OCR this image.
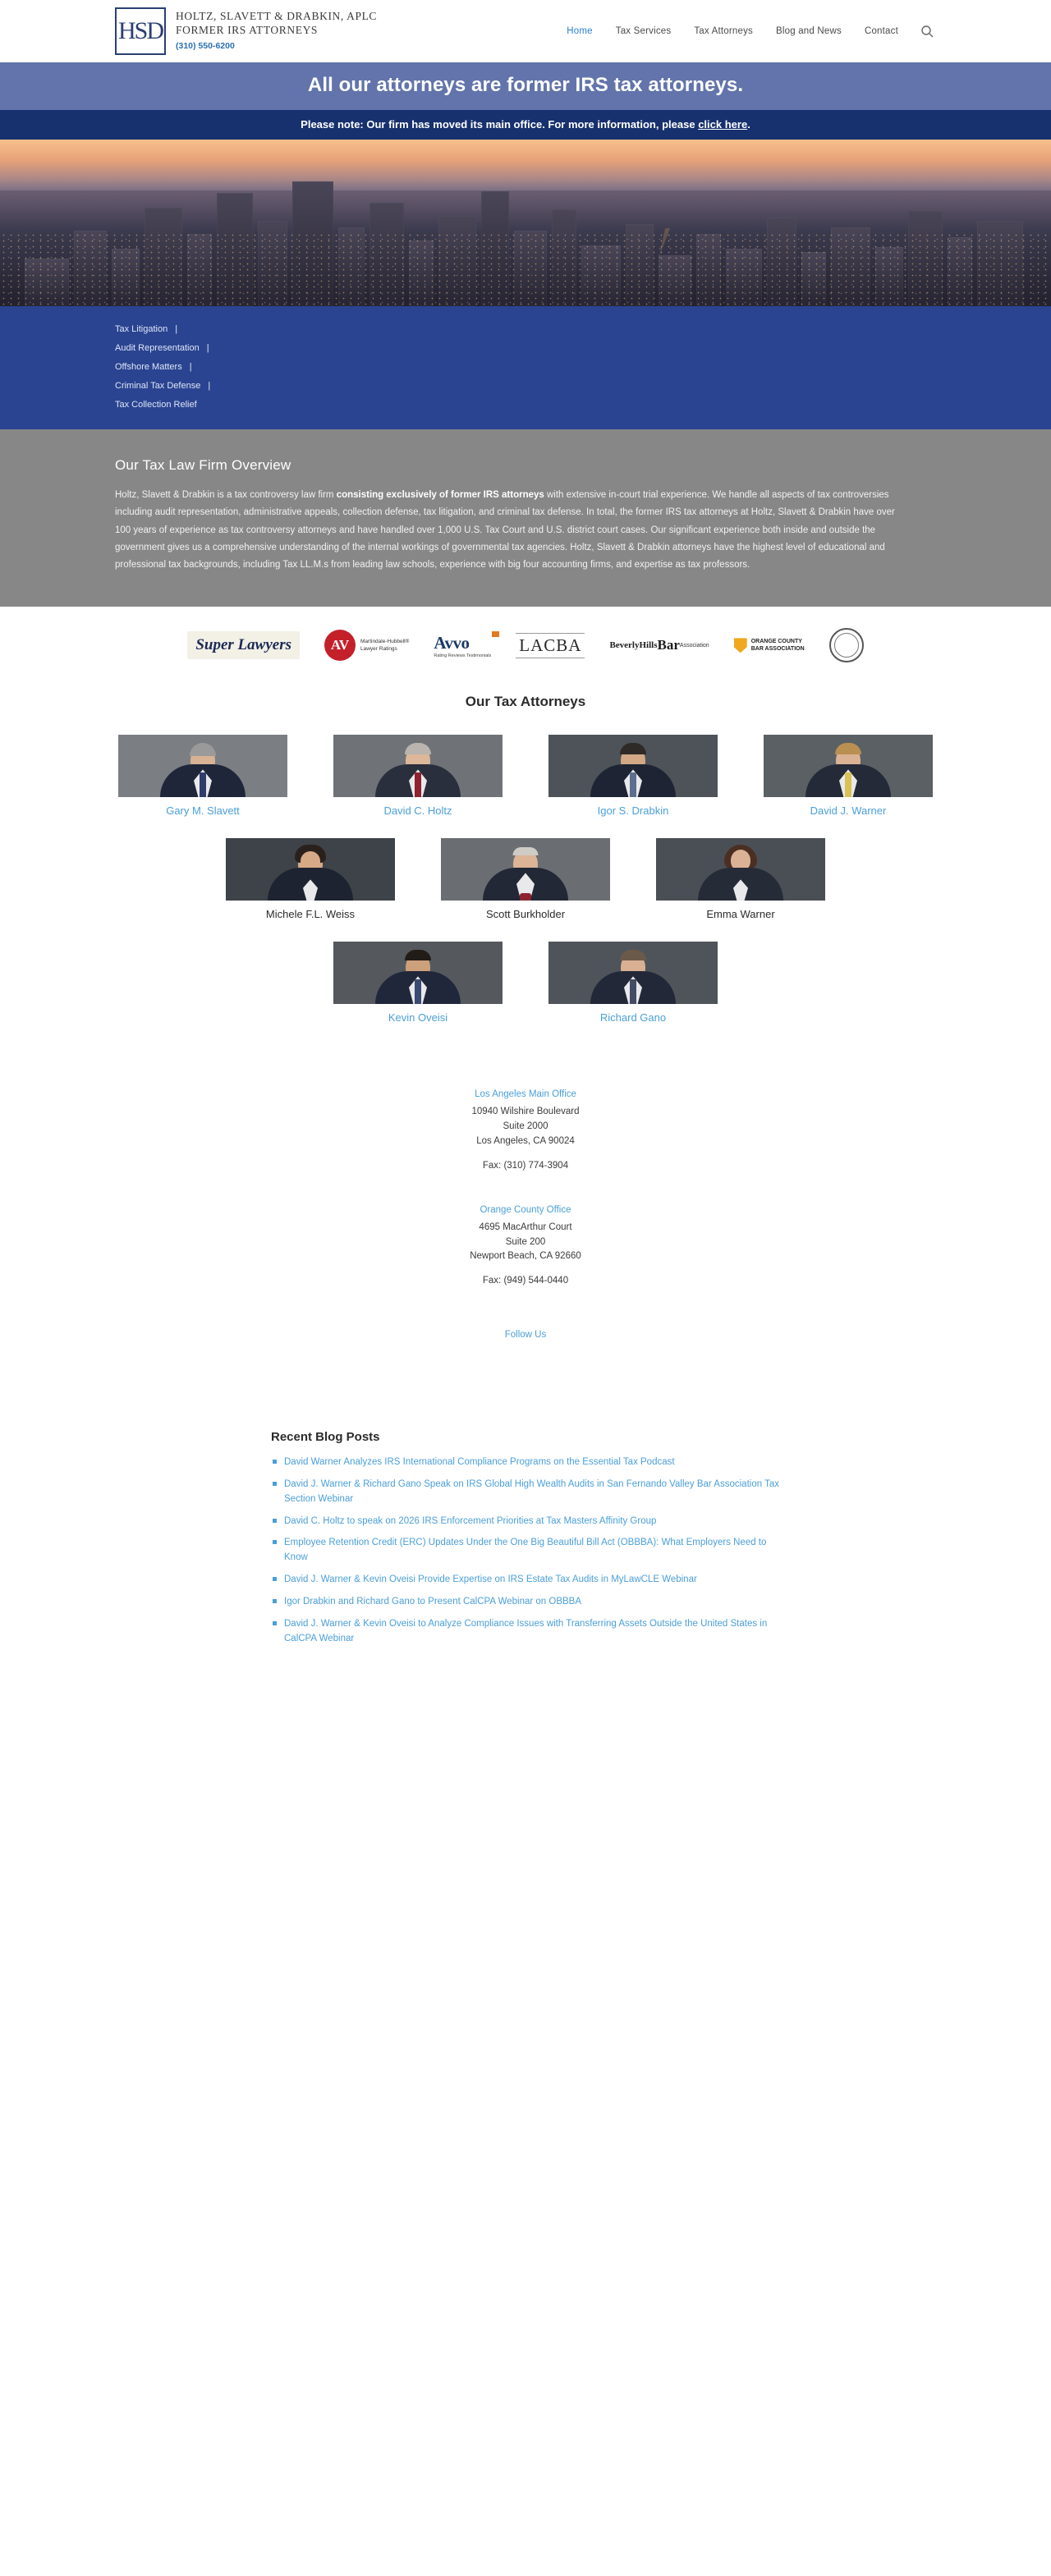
HSD
HOLTZ, SLAVETT & DRABKIN, APLC
FORMER IRS ATTORNEYS
(310) 550-6200
Home Tax Services Tax Attorneys Blog and News Contact
All our attorneys are former IRS tax attorneys.
Please note: Our firm has moved its main office. For more information, please click here.
Tax Litigation |
Audit Representation |
Offshore Matters |
Criminal Tax Defense |
Tax Collection Relief
Our Tax Law Firm Overview

Holtz, Slavett & Drabkin is a tax controversy law firm consisting exclusively of former IRS attorneys with extensive in-court trial experience. We handle all aspects of tax controversies including audit representation, administrative appeals, collection defense, tax litigation, and criminal tax defense. In total, the former IRS tax attorneys at Holtz, Slavett & Drabkin have over 100 years of experience as tax controversy attorneys and have handled over 1,000 U.S. Tax Court and U.S. district court cases. Our significant experience both inside and outside the government gives us a comprehensive understanding of the internal workings of governmental tax agencies. Holtz, Slavett & Drabkin attorneys have the highest level of educational and professional tax backgrounds, including Tax LL.M.s from leading law schools, experience with big four accounting firms, and expertise as tax professors.

Super Lawyers	AV	Martindale-Hubbell®
Lawyer Ratings	Avvo
Rating Reviews Testimonials
LACBA	Beverly Hills Bar Association
ORANGE COUNTY
BAR ASSOCIATION
Our Tax Attorneys
Gary M. Slavett	David C. Holtz	Igor S. Drabkin	David J. Warner
Michele F.L. Weiss	Scott Burkholder	Emma Warner
Kevin Oveisi	Richard Gano
Los Angeles Main Office
10940 Wilshire Boulevard
Suite 2000
Los Angeles, CA 90024
Fax: (310) 774-3904
Orange County Office
4695 MacArthur Court
Suite 200
Newport Beach, CA 92660
Fax: (949) 544-0440
Follow Us
Recent Blog Posts
David Warner Analyzes IRS International Compliance Programs on the Essential Tax Podcast
David J. Warner & Richard Gano Speak on IRS Global High Wealth Audits in San Fernando Valley Bar Association Tax Section Webinar
David C. Holtz to speak on 2026 IRS Enforcement Priorities at Tax Masters Affinity Group
Employee Retention Credit (ERC) Updates Under the One Big Beautiful Bill Act (OBBBA): What Employers Need to Know
David J. Warner & Kevin Oveisi Provide Expertise on IRS Estate Tax Audits in MyLawCLE Webinar
Igor Drabkin and Richard Gano to Present CalCPA Webinar on OBBBA
David J. Warner & Kevin Oveisi to Analyze Compliance Issues with Transferring Assets Outside the United States in CalCPA Webinar
